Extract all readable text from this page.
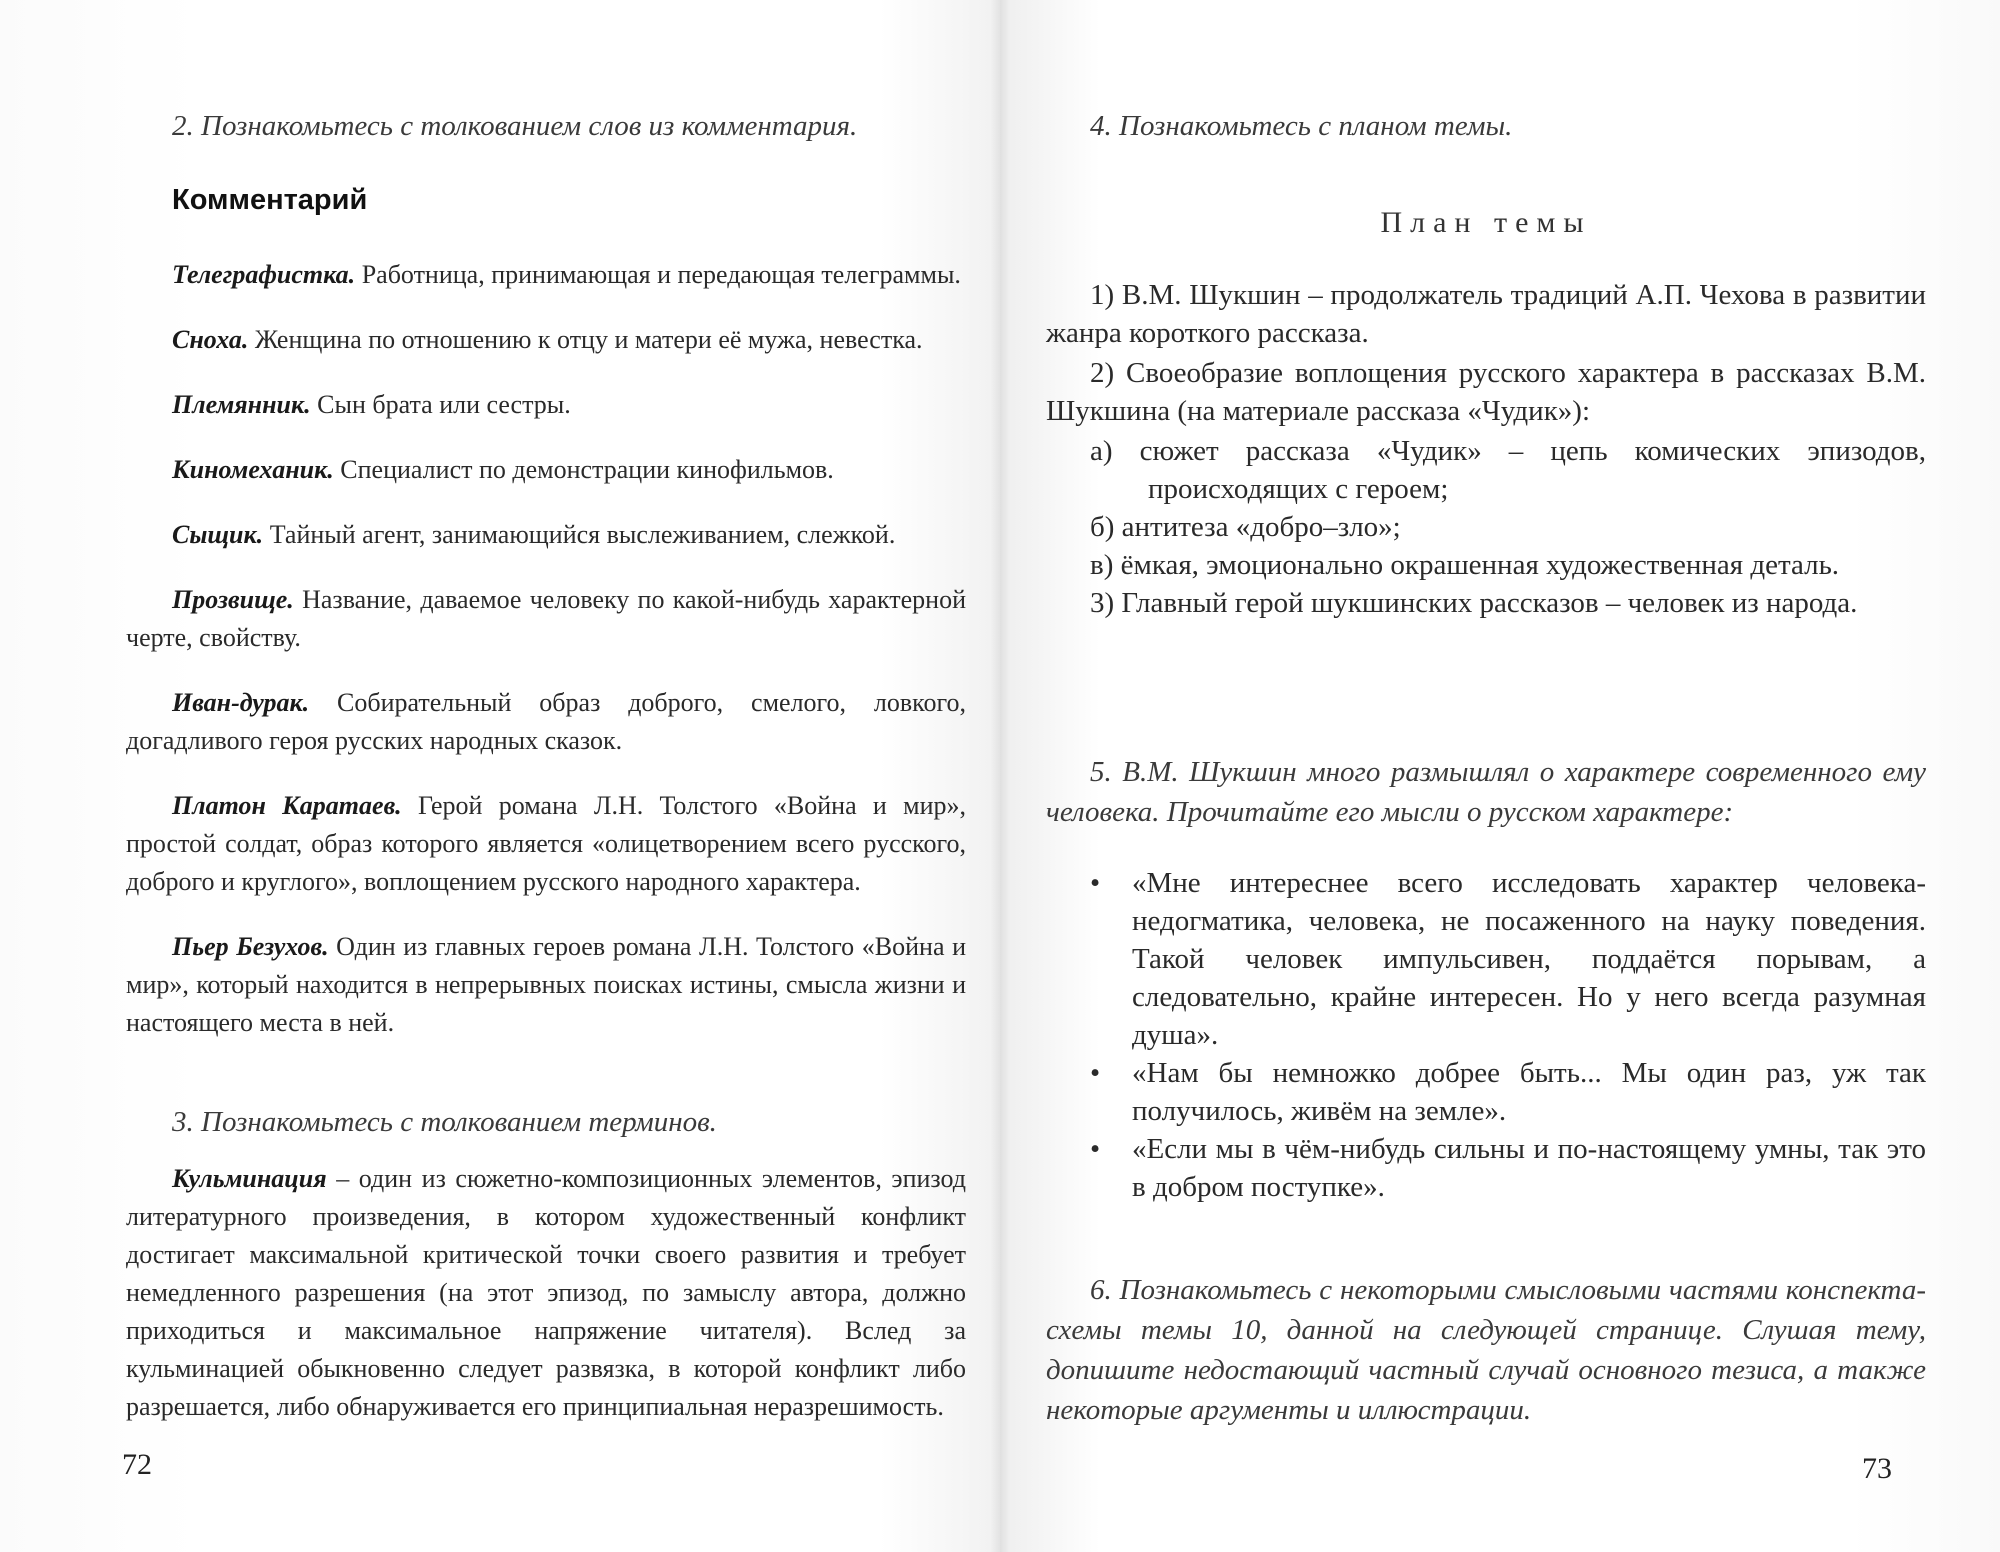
2. Познакомьтесь с толкованием слов из комментария.

Комментарий

Телеграфистка. Работница, принимающая и передающая телеграммы.

Сноха. Женщина по отношению к отцу и матери её мужа, невестка.

Племянник. Сын брата или сестры.

Киномеханик. Специалист по демонстрации кинофильмов.

Сыщик. Тайный агент, занимающийся выслеживанием, слежкой.

Прозвище. Название, даваемое человеку по какой-нибудь характерной черте, свойству.

Иван-дурак. Собирательный образ доброго, смелого, ловкого, догадливого героя русских народных сказок.

Платон Каратаев. Герой романа Л.Н. Толстого «Война и мир», простой солдат, образ которого является «олицетворением всего русского, доброго и круглого», воплощением русского народного характера.

Пьер Безухов. Один из главных героев романа Л.Н. Толстого «Война и мир», который находится в непрерывных поисках истины, смысла жизни и настоящего места в ней.

3. Познакомьтесь с толкованием терминов.

Кульминация – один из сюжетно-композиционных элементов, эпизод литературного произведения, в котором художественный конфликт достигает максимальной критической точки своего развития и требует немедленного разрешения (на этот эпизод, по замыслу автора, должно приходиться и максимальное напряжение читателя). Вслед за кульминацией обыкновенно следует развязка, в которой конфликт либо разрешается, либо обнаруживается его принципиальная неразрешимость.

72

4. Познакомьтесь с планом темы.

План темы

1) В.М. Шукшин – продолжатель традиций А.П. Чехова в развитии жанра короткого рассказа.

2) Своеобразие воплощения русского характера в рассказах В.М. Шукшина (на материале рассказа «Чудик»):

а) сюжет рассказа «Чудик» – цепь комических эпизодов, происходящих с героем;

б) антитеза «добро–зло»;

в) ёмкая, эмоционально окрашенная художественная деталь.

3) Главный герой шукшинских рассказов – человек из народа.

5. В.М. Шукшин много размышлял о характере современного ему человека. Прочитайте его мысли о русском характере:

• «Мне интереснее всего исследовать характер человека-недогматика, человека, не посаженного на науку поведения. Такой человек импульсивен, поддаётся порывам, а следовательно, крайне интересен. Но у него всегда разумная душа».
• «Нам бы немножко добрее быть... Мы один раз, уж так получилось, живём на земле».
• «Если мы в чём-нибудь сильны и по-настоящему умны, так это в добром поступке».

6. Познакомьтесь с некоторыми смысловыми частями конспекта-схемы темы 10, данной на следующей странице. Слушая тему, допишите недостающий частный случай основного тезиса, а также некоторые аргументы и иллюстрации.

73
